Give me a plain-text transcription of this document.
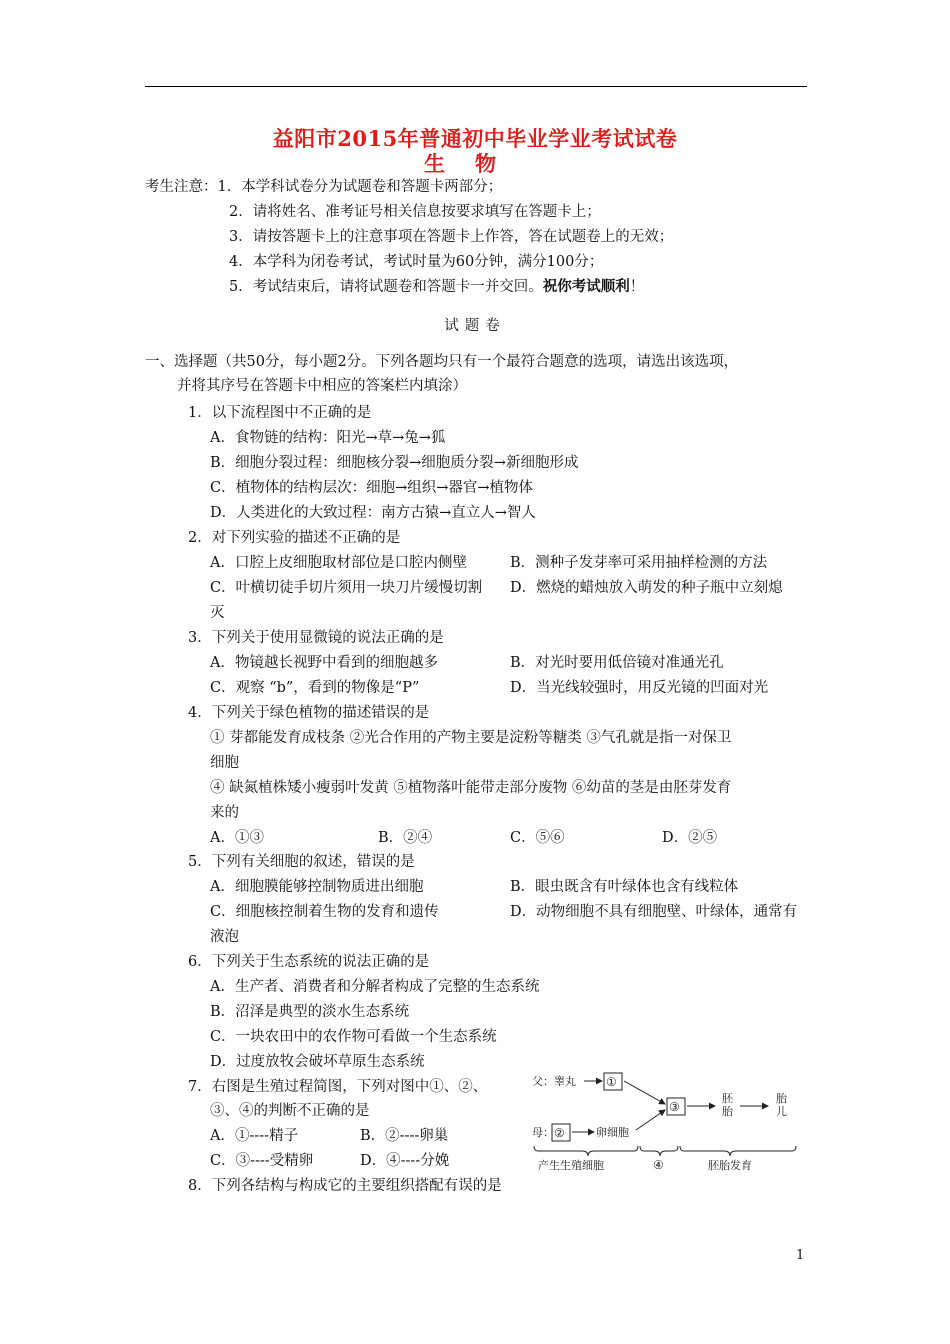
益阳市2015年普通初中毕业学业考试试卷
生物
考生注意：1．本学科试卷分为试题卷和答题卡两部分；
2．请将姓名、准考证号相关信息按要求填写在答题卡上；
3．请按答题卡上的注意事项在答题卡上作答，答在试题卷上的无效；
4．本学科为闭卷考试，考试时量为60分钟，满分100分；
5．考试结束后，请将试题卷和答题卡一并交回。祝你考试顺利！
试题卷
一、选择题（共50分，每小题2分。下列各题均只有一个最符合题意的选项，请选出该选项，
并将其序号在答题卡中相应的答案栏内填涂）
1．以下流程图中不正确的是
A．食物链的结构：阳光→草→兔→狐
B．细胞分裂过程：细胞核分裂→细胞质分裂→新细胞形成
C．植物体的结构层次：细胞→组织→器官→植物体
D．人类进化的大致过程：南方古猿→直立人→智人
2．对下列实验的描述不正确的是
A．口腔上皮细胞取材部位是口腔内侧壁	B．测种子发芽率可采用抽样检测的方法
C．叶横切徒手切片须用一块刀片缓慢切割 D．燃烧的蜡烛放入萌发的种子瓶中立刻熄
灭
3．下列关于使用显微镜的说法正确的是
A．物镜越长视野中看到的细胞越多	B．对光时要用低倍镜对准通光孔
C．观察 “b”，看到的物像是“P”	D．当光线较强时，用反光镜的凹面对光
4．下列关于绿色植物的描述错误的是
① 芽都能发育成枝条 ②光合作用的产物主要是淀粉等糖类 ③气孔就是指一对保卫
细胞
④ 缺氮植株矮小瘦弱叶发黄 ⑤植物落叶能带走部分废物 ⑥幼苗的茎是由胚芽发育
来的
A．①③	B．②④	C．⑤⑥	D．②⑤
5．下列有关细胞的叙述，错误的是
A．细胞膜能够控制物质进出细胞	B．眼虫既含有叶绿体也含有线粒体
C．细胞核控制着生物的发育和遗传	D．动物细胞不具有细胞壁、叶绿体，通常有
液泡
6．下列关于生态系统的说法正确的是
A．生产者、消费者和分解者构成了完整的生态系统
B．沼泽是典型的淡水生态系统
C．一块农田中的农作物可看做一个生态系统
D．过度放牧会破坏草原生态系统
7．右图是生殖过程简图，下列对图中①、②、
③、④的判断不正确的是
A．①----精子	B．②----卵巢
C．③----受精卵	D．④----分娩
8．下列各结构与构成它的主要组织搭配有误的是
父：睾丸	①
母： ②	卵细胞
③
胚
胎
胎
儿
产生生殖细胞	④	胚胎发育
1
